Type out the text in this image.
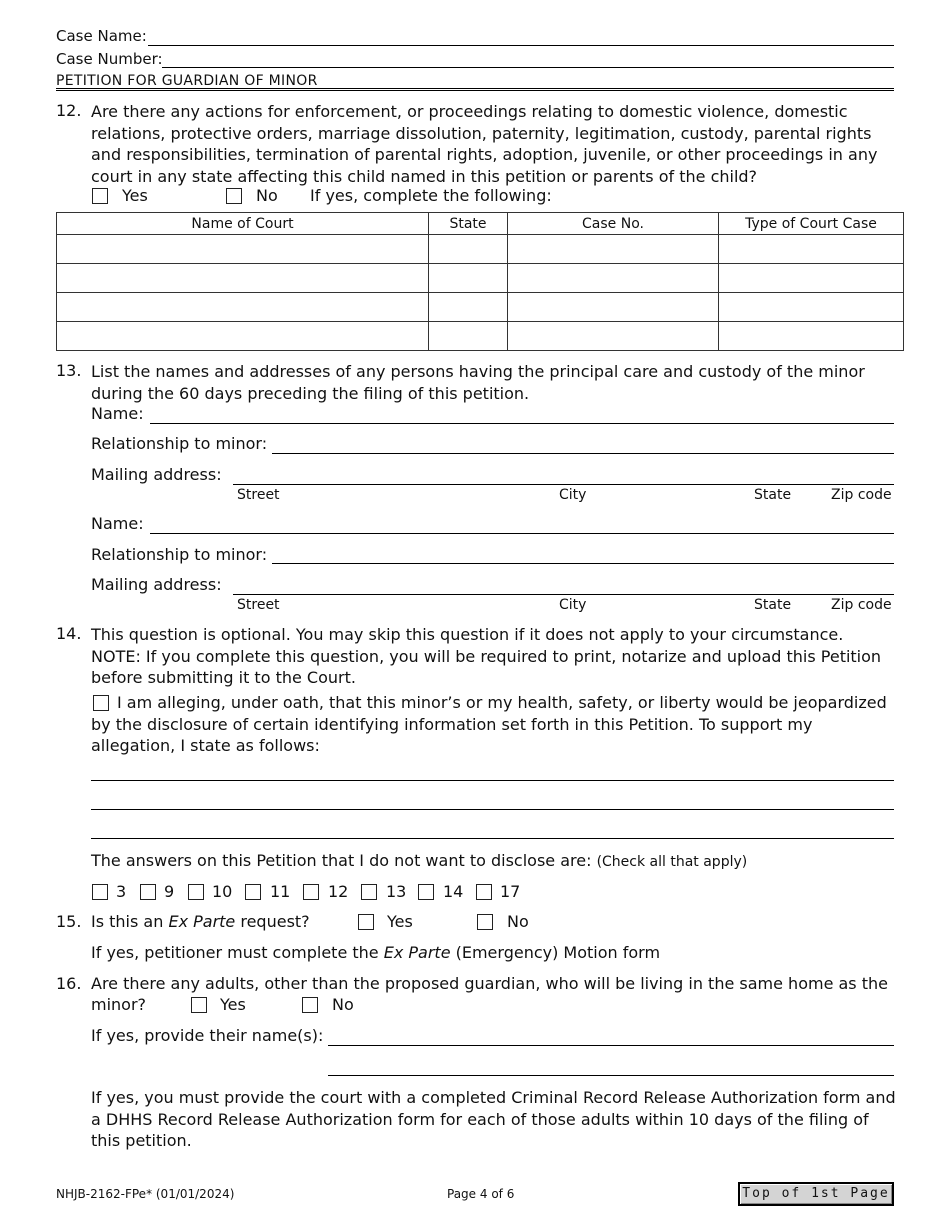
Case Name:
Case Number:
PETITION FOR GUARDIAN OF MINOR
12. Are there any actions for enforcement, or proceedings relating to domestic violence, domestic relations, protective orders, marriage dissolution, paternity, legitimation, custody, parental rights and responsibilities, termination of parental rights, adoption, juvenile, or other proceedings in any court in any state affecting this child named in this petition or parents of the child?

Yes	No If yes, complete the following:
Name of Court	State	Case No.	Type of Court Case

13. List the names and addresses of any persons having the principal care and custody of the minor during the 60 days preceding the filing of this petition.

Name:
Relationship to minor:
Mailing address:
Street	City	State	Zip code
Name:
Relationship to minor:
Mailing address:
Street	City	State	Zip code
14. This question is optional. You may skip this question if it does not apply to your circumstance. NOTE: If you complete this question, you will be required to print, notarize and upload this Petition before submitting it to the Court.

I am alleging, under oath, that this minor’s or my health, safety, or liberty would be jeopardized by the disclosure of certain identifying information set forth in this Petition. To support my allegation, I state as follows:

The answers on this Petition that I do not want to disclose are: (Check all that apply)
3 9 10 11 12 13 14 17
15. Is this an Ex Parte request?	Yes	No
If yes, petitioner must complete the Ex Parte (Emergency) Motion form
16. Are there any adults, other than the proposed guardian, who will be living in the same home as the
minor?	Yes	No
If yes, provide their name(s):

If yes, you must provide the court with a completed Criminal Record Release Authorization form and a DHHS Record Release Authorization form for each of those adults within 10 days of the filing of this petition.

NHJB-2162-FPe* (01/01/2024)	Page 4 of 6	Top of 1st Page
